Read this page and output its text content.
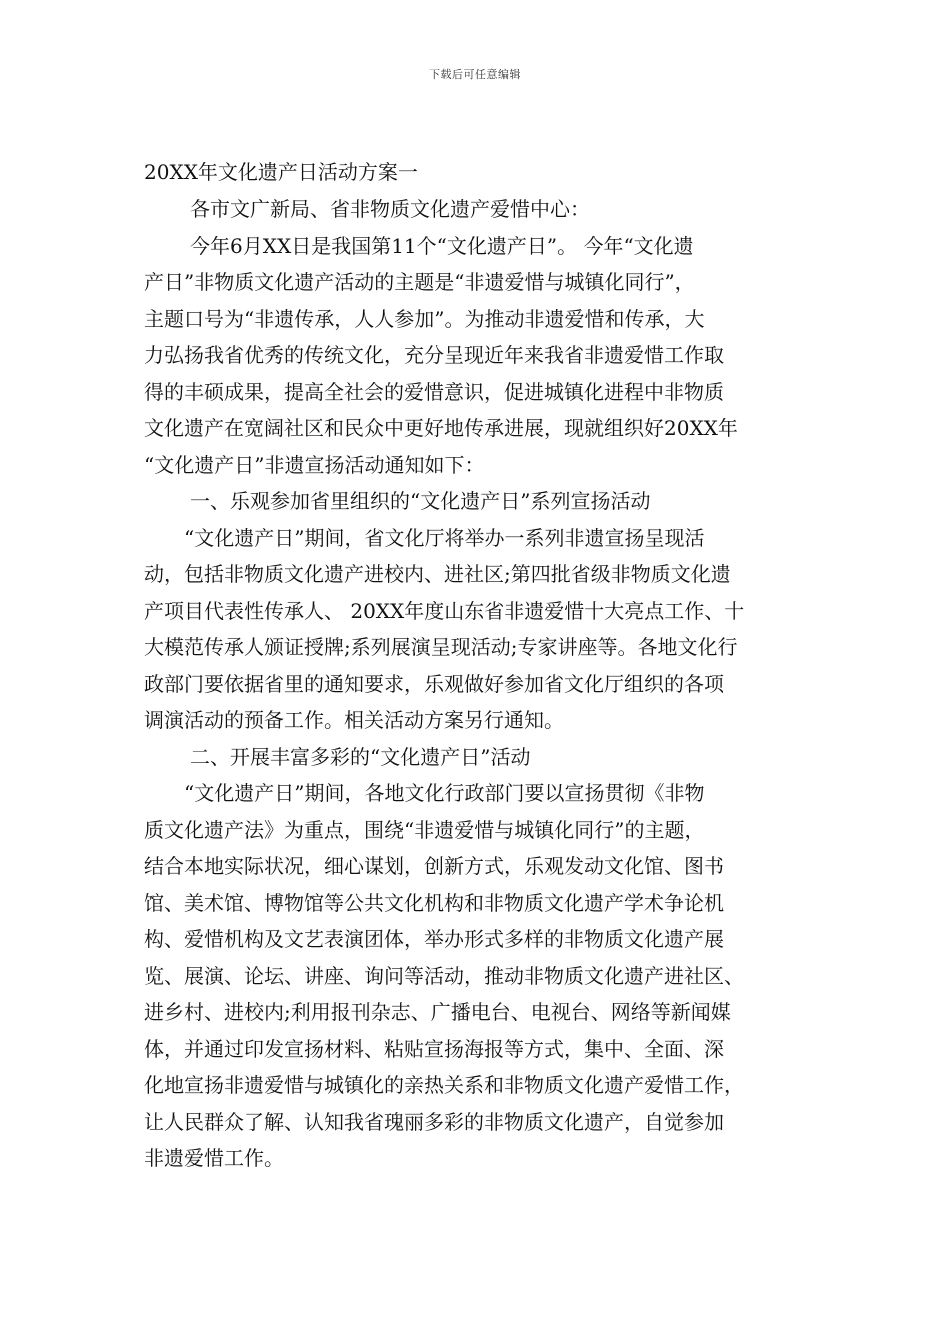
下载后可任意编辑

20XX年文化遗产日活动方案一

各市文广新局、省非物质文化遗产爱惜中心：

今年6月XX日是我国第11个“文化遗产日”。 今年“文化遗
产日”非物质文化遗产活动的主题是“非遗爱惜与城镇化同行”，
主题口号为“非遗传承，人人参加”。为推动非遗爱惜和传承，大
力弘扬我省优秀的传统文化，充分呈现近年来我省非遗爱惜工作取
得的丰硕成果，提高全社会的爱惜意识，促进城镇化进程中非物质
文化遗产在宽阔社区和民众中更好地传承进展，现就组织好20XX年
“文化遗产日”非遗宣扬活动通知如下：

一、乐观参加省里组织的“文化遗产日”系列宣扬活动

“文化遗产日”期间，省文化厅将举办一系列非遗宣扬呈现活
动，包括非物质文化遗产进校内、进社区;第四批省级非物质文化遗
产项目代表性传承人、 20XX年度山东省非遗爱惜十大亮点工作、十
大模范传承人颁证授牌;系列展演呈现活动;专家讲座等。各地文化行
政部门要依据省里的通知要求，乐观做好参加省文化厅组织的各项
调演活动的预备工作。相关活动方案另行通知。

二、开展丰富多彩的“文化遗产日”活动

“文化遗产日”期间，各地文化行政部门要以宣扬贯彻《非物
质文化遗产法》为重点，围绕“非遗爱惜与城镇化同行”的主题，
结合本地实际状况，细心谋划，创新方式，乐观发动文化馆、图书
馆、美术馆、博物馆等公共文化机构和非物质文化遗产学术争论机
构、爱惜机构及文艺表演团体，举办形式多样的非物质文化遗产展
览、展演、论坛、讲座、询问等活动，推动非物质文化遗产进社区、
进乡村、进校内;利用报刊杂志、广播电台、电视台、网络等新闻媒
体，并通过印发宣扬材料、粘贴宣扬海报等方式，集中、全面、深
化地宣扬非遗爱惜与城镇化的亲热关系和非物质文化遗产爱惜工作，
让人民群众了解、认知我省瑰丽多彩的非物质文化遗产，自觉参加
非遗爱惜工作。
